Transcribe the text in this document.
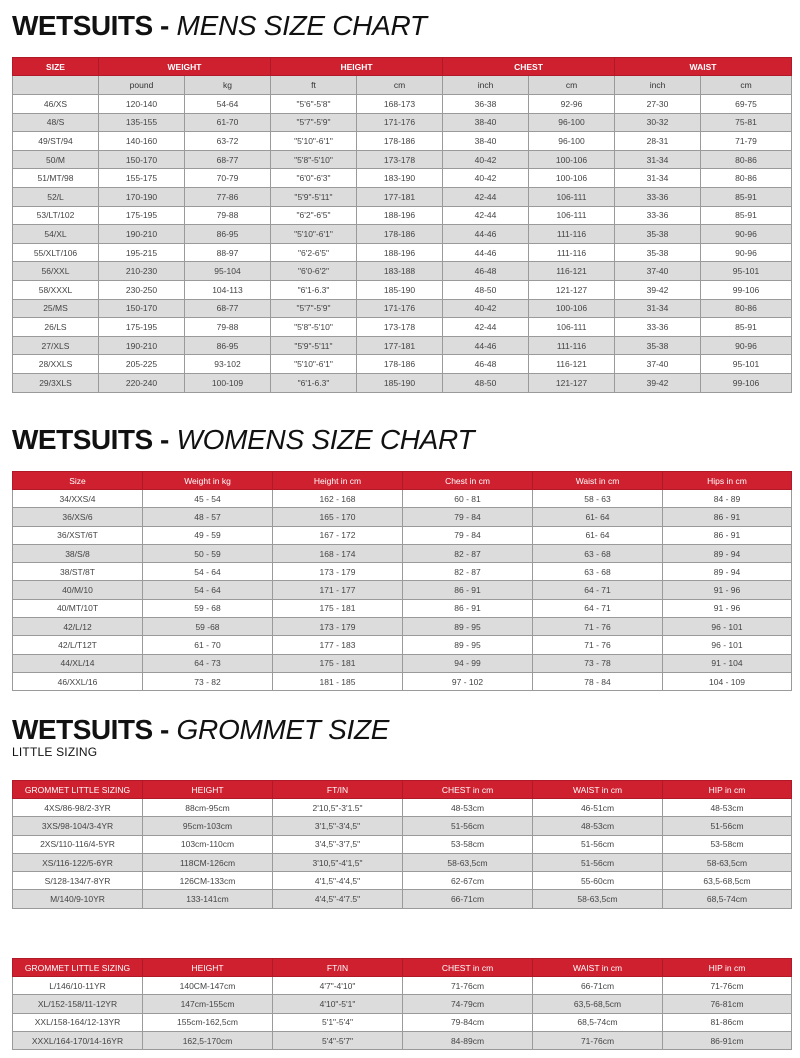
WETSUITS - MENS SIZE CHART
SIZE	WEIGHT		HEIGHT		CHEST		WAIST	
	pound	kg	ft	cm	inch	cm	inch	cm
46/XS	120-140	54-64	"5'6"-5'8"	168-173	36-38	92-96	27-30	69-75
48/S	135-155	61-70	"5'7"-5'9"	171-176	38-40	96-100	30-32	75-81
49/ST/94	140-160	63-72	"5'10"-6'1"	178-186	38-40	96-100	28-31	71-79
50/M	150-170	68-77	"5'8"-5'10"	173-178	40-42	100-106	31-34	80-86
51/MT/98	155-175	70-79	"6'0"-6'3"	183-190	40-42	100-106	31-34	80-86
52/L	170-190	77-86	"5'9"-5'11"	177-181	42-44	106-111	33-36	85-91
53/LT/102	175-195	79-88	"6'2"-6'5"	188-196	42-44	106-111	33-36	85-91
54/XL	190-210	86-95	"5'10"-6'1"	178-186	44-46	111-116	35-38	90-96
55/XLT/106	195-215	88-97	"6'2-6'5"	188-196	44-46	111-116	35-38	90-96
56/XXL	210-230	95-104	"6'0-6'2"	183-188	46-48	116-121	37-40	95-101
58/XXXL	230-250	104-113	"6'1-6.3"	185-190	48-50	121-127	39-42	99-106
25/MS	150-170	68-77	"5'7"-5'9"	171-176	40-42	100-106	31-34	80-86
26/LS	175-195	79-88	"5'8"-5'10"	173-178	42-44	106-111	33-36	85-91
27/XLS	190-210	86-95	"5'9"-5'11"	177-181	44-46	111-116	35-38	90-96
28/XXLS	205-225	93-102	"5'10"-6'1"	178-186	46-48	116-121	37-40	95-101
29/3XLS	220-240	100-109	"6'1-6.3"	185-190	48-50	121-127	39-42	99-106
WETSUITS - WOMENS SIZE CHART
Size	Weight in kg	Height in cm	Chest in cm	Waist in cm	Hips in cm
34/XXS/4	45 - 54	162 - 168	60 - 81	58 - 63	84 - 89
36/XS/6	48 - 57	165 - 170	79 - 84	61- 64	86 - 91
36/XST/6T	49 - 59	167 - 172	79 - 84	61- 64	86 - 91
38/S/8	50 - 59	168 - 174	82 - 87	63 - 68	89 - 94
38/ST/8T	54 - 64	173 - 179	82 - 87	63 - 68	89 - 94
40/M/10	54 - 64	171 - 177	86 - 91	64 - 71	91 - 96
40/MT/10T	59 - 68	175 - 181	86 - 91	64 - 71	91 - 96
42/L/12	59 -68	173 - 179	89 - 95	71 - 76	96 - 101
42/L/T12T	61 - 70	177 - 183	89 - 95	71 - 76	96 - 101
44/XL/14	64 - 73	175 - 181	94 - 99	73 - 78	91 - 104
46/XXL/16	73 - 82	181 - 185	97 - 102	78 - 84	104 - 109
WETSUITS - GROMMET SIZE
LITTLE SIZING
GROMMET LITTLE SIZING	HEIGHT	FT/IN	CHEST in cm	WAIST in cm	HIP in cm
4XS/86-98/2-3YR	88cm-95cm	2'10,5"-3'1.5"	48-53cm	46-51cm	48-53cm
3XS/98-104/3-4YR	95cm-103cm	3'1,5"-3'4,5"	51-56cm	48-53cm	51-56cm
2XS/110-116/4-5YR	103cm-110cm	3'4,5"-3'7,5"	53-58cm	51-56cm	53-58cm
XS/116-122/5-6YR	118CM-126cm	3'10,5"-4'1,5"	58-63,5cm	51-56cm	58-63,5cm
S/128-134/7-8YR	126CM-133cm	4'1,5"-4'4,5"	62-67cm	55-60cm	63,5-68,5cm
M/140/9-10YR	133-141cm	4'4,5"-4'7.5"	66-71cm	58-63,5cm	68,5-74cm
GROMMET LITTLE SIZING	HEIGHT	FT/IN	CHEST in cm	WAIST in cm	HIP in cm
L/146/10-11YR	140CM-147cm	4'7"-4'10"	71-76cm	66-71cm	71-76cm
XL/152-158/11-12YR	147cm-155cm	4'10"-5'1"	74-79cm	63,5-68,5cm	76-81cm
XXL/158-164/12-13YR	155cm-162,5cm	5'1"-5'4"	79-84cm	68,5-74cm	81-86cm
XXXL/164-170/14-16YR	162,5-170cm	5'4"-5'7"	84-89cm	71-76cm	86-91cm
